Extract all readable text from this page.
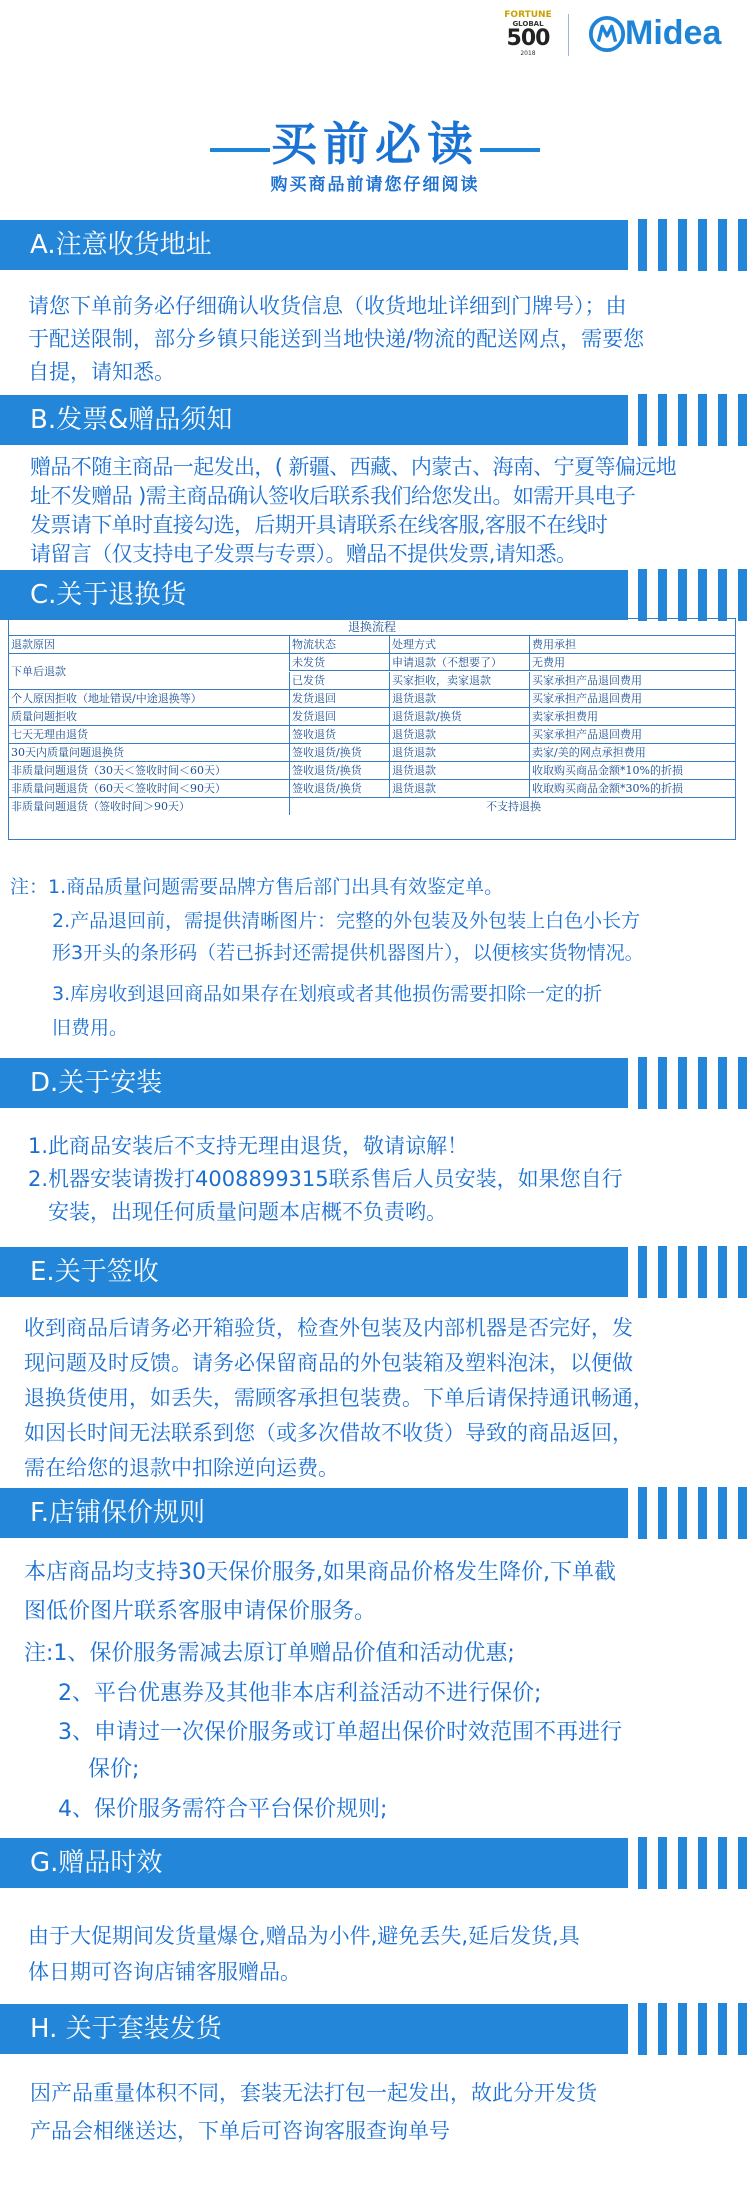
FORTUNE
GLOBAL
500
2018
Midea
买前必读
购买商品前请您仔细阅读
A.注意收货地址
请您下单前务必仔细确认收货信息（收货地址详细到门牌号）；由
于配送限制，部分乡镇只能送到当地快递/物流的配送网点，需要您
自提，请知悉。
B.发票&赠品须知
赠品不随主商品一起发出，( 新疆、西藏、内蒙古、海南、宁夏等偏远地
址不发赠品 )需主商品确认签收后联系我们给您发出。如需开具电子
发票请下单时直接勾选，后期开具请联系在线客服,客服不在线时
请留言（仅支持电子发票与专票）。赠品不提供发票,请知悉。
C.关于退换货
退换流程
退款原因	物流状态	处理方式	费用承担
下单后退款
未发货	申请退款（不想要了）	无费用
已发货	买家拒收，卖家退款	买家承担产品退回费用
个人原因拒收（地址错误/中途退换等）	发货退回	退货退款	买家承担产品退回费用
质量问题拒收	发货退回	退货退款/换货	卖家承担费用
七天无理由退货	签收退货	退货退款	买家承担产品退回费用
30天内质量问题退换货	签收退货/换货	退货退款	卖家/美的网点承担费用
非质量问题退货（30天＜签收时间＜60天）	签收退货/换货	退货退款	收取购买商品金额*10%的折损
非质量问题退货（60天＜签收时间＜90天）	签收退货/换货	退货退款	收取购买商品金额*30%的折损
非质量问题退货（签收时间＞90天）	不支持退换
注：1.商品质量问题需要品牌方售后部门出具有效鉴定单。
2.产品退回前，需提供清晰图片：完整的外包装及外包装上白色小长方
形3开头的条形码（若已拆封还需提供机器图片），以便核实货物情况。
3.库房收到退回商品如果存在划痕或者其他损伤需要扣除一定的折
旧费用。
D.关于安装
1.此商品安装后不支持无理由退货，敬请谅解！
2.机器安装请拨打4008899315联系售后人员安装，如果您自行
安装，出现任何质量问题本店概不负责哟。
E.关于签收
收到商品后请务必开箱验货，检查外包装及内部机器是否完好，发
现问题及时反馈。请务必保留商品的外包装箱及塑料泡沫，以便做
退换货使用，如丢失，需顾客承担包装费。下单后请保持通讯畅通，
如因长时间无法联系到您（或多次借故不收货）导致的商品返回，
需在给您的退款中扣除逆向运费。
F.店铺保价规则
本店商品均支持30天保价服务,如果商品价格发生降价,下单截
图低价图片联系客服申请保价服务。
注:1、保价服务需减去原订单赠品价值和活动优惠;
2、平台优惠券及其他非本店利益活动不进行保价;
3、申请过一次保价服务或订单超出保价时效范围不再进行
保价;
4、保价服务需符合平台保价规则;
G.赠品时效
由于大促期间发货量爆仓,赠品为小件,避免丢失,延后发货,具
体日期可咨询店铺客服赠品。
H. 关于套装发货
因产品重量体积不同，套装无法打包一起发出，故此分开发货
产品会相继送达，下单后可咨询客服查询单号
